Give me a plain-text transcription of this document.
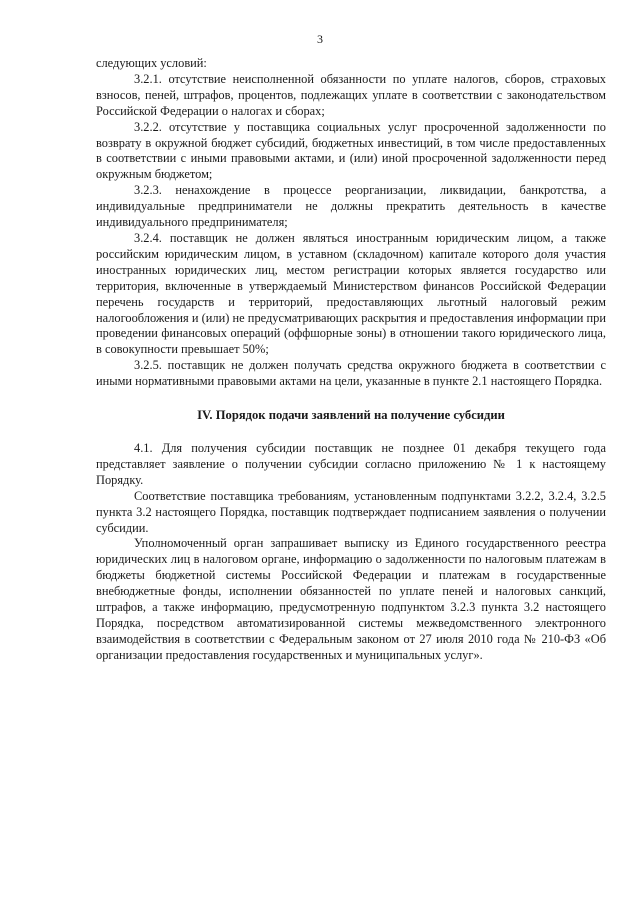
3

следующих условий:

3.2.1. отсутствие неисполненной обязанности по уплате налогов, сборов, страховых взносов, пеней, штрафов, процентов, подлежащих уплате в соответствии с законодательством Российской Федерации о налогах и сборах;

3.2.2. отсутствие у поставщика социальных услуг просроченной задолженности по возврату в окружной бюджет субсидий, бюджетных инвестиций, в том числе предоставленных в соответствии с иными правовыми актами, и (или) иной просроченной задолженности перед окружным бюджетом;

3.2.3. ненахождение в процессе реорганизации, ликвидации, банкротства, а индивидуальные предприниматели не должны прекратить деятельность в качестве индивидуального предпринимателя;

3.2.4. поставщик не должен являться иностранным юридическим лицом, а также российским юридическим лицом, в уставном (складочном) капитале которого доля участия иностранных юридических лиц, местом регистрации которых является государство или территория, включенные в утверждаемый Министерством финансов Российской Федерации перечень государств и территорий, предоставляющих льготный налоговый режим налогообложения и (или) не предусматривающих раскрытия и предоставления информации при проведении финансовых операций (оффшорные зоны) в отношении такого юридического лица, в совокупности превышает 50%;

3.2.5. поставщик не должен получать средства окружного бюджета в соответствии с иными нормативными правовыми актами на цели, указанные в пункте 2.1 настоящего Порядка.

IV. Порядок подачи заявлений на получение субсидии

4.1. Для получения субсидии поставщик не позднее 01 декабря текущего года представляет заявление о получении субсидии согласно приложению № 1 к настоящему Порядку.

Соответствие поставщика требованиям, установленным подпунктами 3.2.2, 3.2.4, 3.2.5 пункта 3.2 настоящего Порядка, поставщик подтверждает подписанием заявления о получении субсидии.

Уполномоченный орган запрашивает выписку из Единого государственного реестра юридических лиц в налоговом органе, информацию о задолженности по налоговым платежам в бюджеты бюджетной системы Российской Федерации и платежам в государственные внебюджетные фонды, исполнении обязанностей по уплате пеней и налоговых санкций, штрафов, а также информацию, предусмотренную подпунктом 3.2.3 пункта 3.2 настоящего Порядка, посредством автоматизированной системы межведомственного электронного взаимодействия в соответствии с Федеральным законом от 27 июля 2010 года № 210-ФЗ «Об организации предоставления государственных и муниципальных услуг».
